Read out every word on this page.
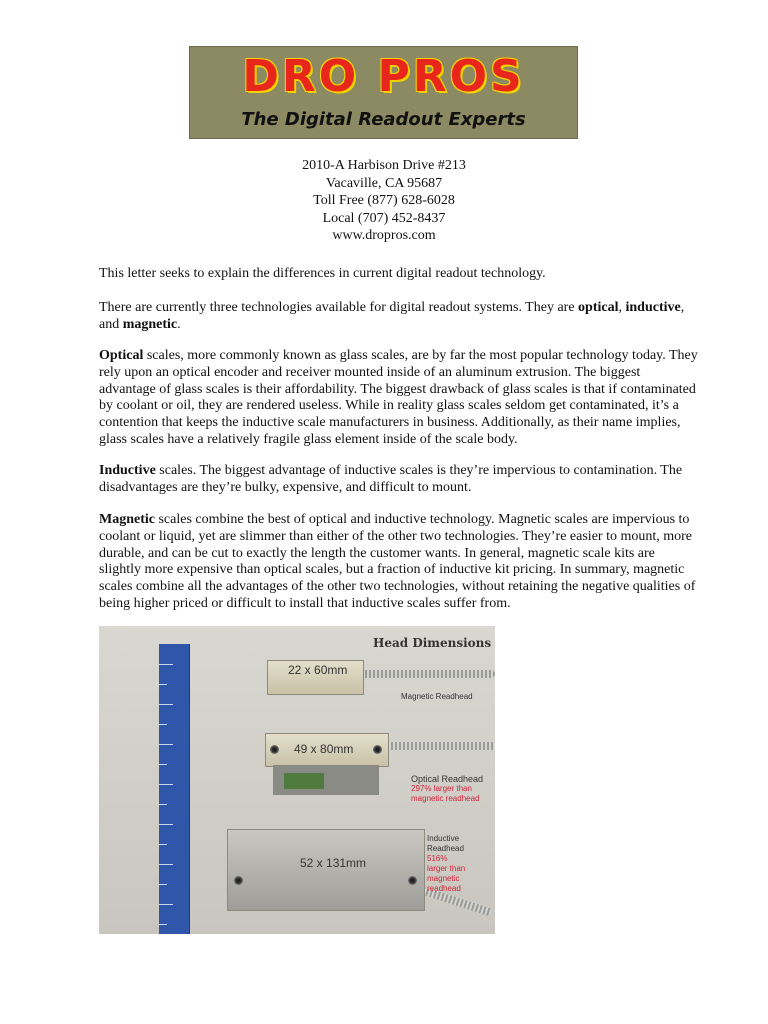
DRO PROS
The Digital Readout Experts
2010-A Harbison Drive #213
Vacaville, CA 95687
Toll Free (877) 628-6028
Local (707) 452-8437
www.dropros.com

This letter seeks to explain the differences in current digital readout technology.

There are currently three technologies available for digital readout systems. They are optical, inductive, and magnetic.

Optical scales, more commonly known as glass scales, are by far the most popular technology today. They rely upon an optical encoder and receiver mounted inside of an aluminum extrusion. The biggest advantage of glass scales is their affordability. The biggest drawback of glass scales is that if contaminated by coolant or oil, they are rendered useless. While in reality glass scales seldom get contaminated, it’s a contention that keeps the inductive scale manufacturers in business. Additionally, as their name implies, glass scales have a relatively fragile glass element inside of the scale body.

Inductive scales. The biggest advantage of inductive scales is they’re impervious to contamination. The disadvantages are they’re bulky, expensive, and difficult to mount.

Magnetic scales combine the best of optical and inductive technology. Magnetic scales are impervious to coolant or liquid, yet are slimmer than either of the other two technologies. They’re easier to mount, more durable, and can be cut to exactly the length the customer wants. In general, magnetic scale kits are slightly more expensive than optical scales, but a fraction of inductive kit pricing. In summary, magnetic scales combine all the advantages of the other two technologies, without retaining the negative qualities of being higher priced or difficult to install that inductive scales suffer from.

Head Dimensions
22 x 60mm
Magnetic Readhead
49 x 80mm
Optical Readhead
297% larger than
magnetic readhead
52 x 131mm
Inductive
Readhead
516%
larger than
magnetic
readhead
